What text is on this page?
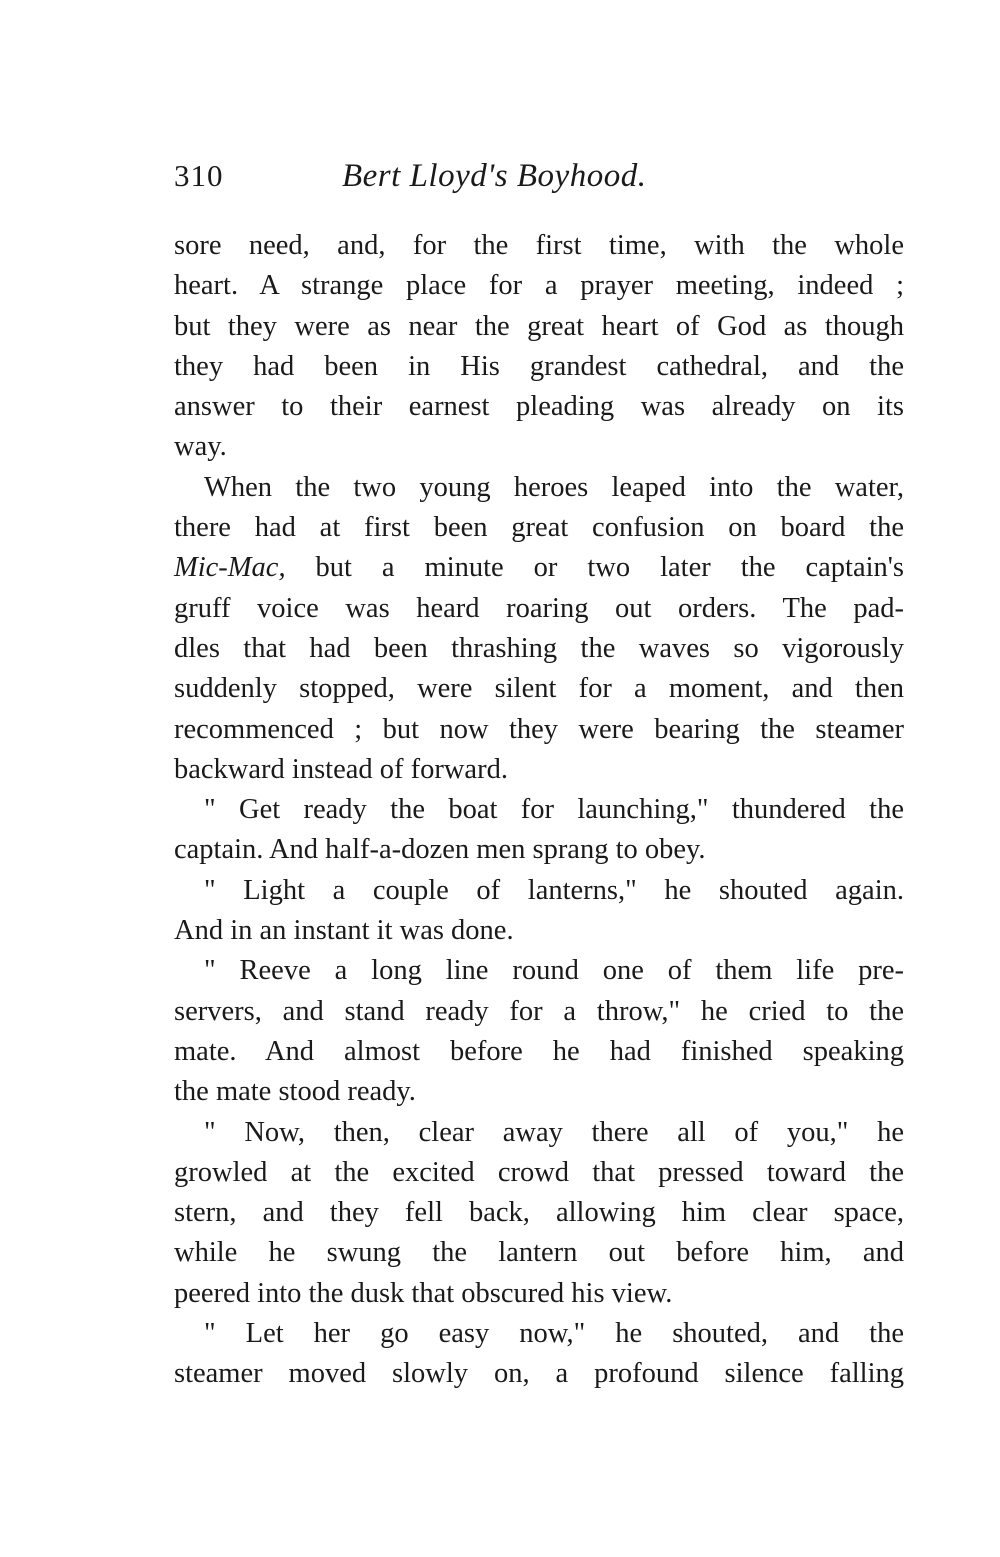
310	Bert Lloyd's Boyhood.
sore need, and, for the first time, with the whole
heart. A strange place for a prayer meeting, indeed ;
but they were as near the great heart of God as though
they had been in His grandest cathedral, and the
answer to their earnest pleading was already on its
way.
When the two young heroes leaped into the water,
there had at first been great confusion on board the
Mic-Mac, but a minute or two later the captain's
gruff voice was heard roaring out orders. The pad-
dles that had been thrashing the waves so vigorously
suddenly stopped, were silent for a moment, and then
recommenced ; but now they were bearing the steamer
backward instead of forward.
" Get ready the boat for launching," thundered the
captain. And half-a-dozen men sprang to obey.
" Light a couple of lanterns," he shouted again.
And in an instant it was done.
" Reeve a long line round one of them life pre-
servers, and stand ready for a throw," he cried to the
mate. And almost before he had finished speaking
the mate stood ready.
" Now, then, clear away there all of you," he
growled at the excited crowd that pressed toward the
stern, and they fell back, allowing him clear space,
while he swung the lantern out before him, and
peered into the dusk that obscured his view.
" Let her go easy now," he shouted, and the
steamer moved slowly on, a profound silence falling
